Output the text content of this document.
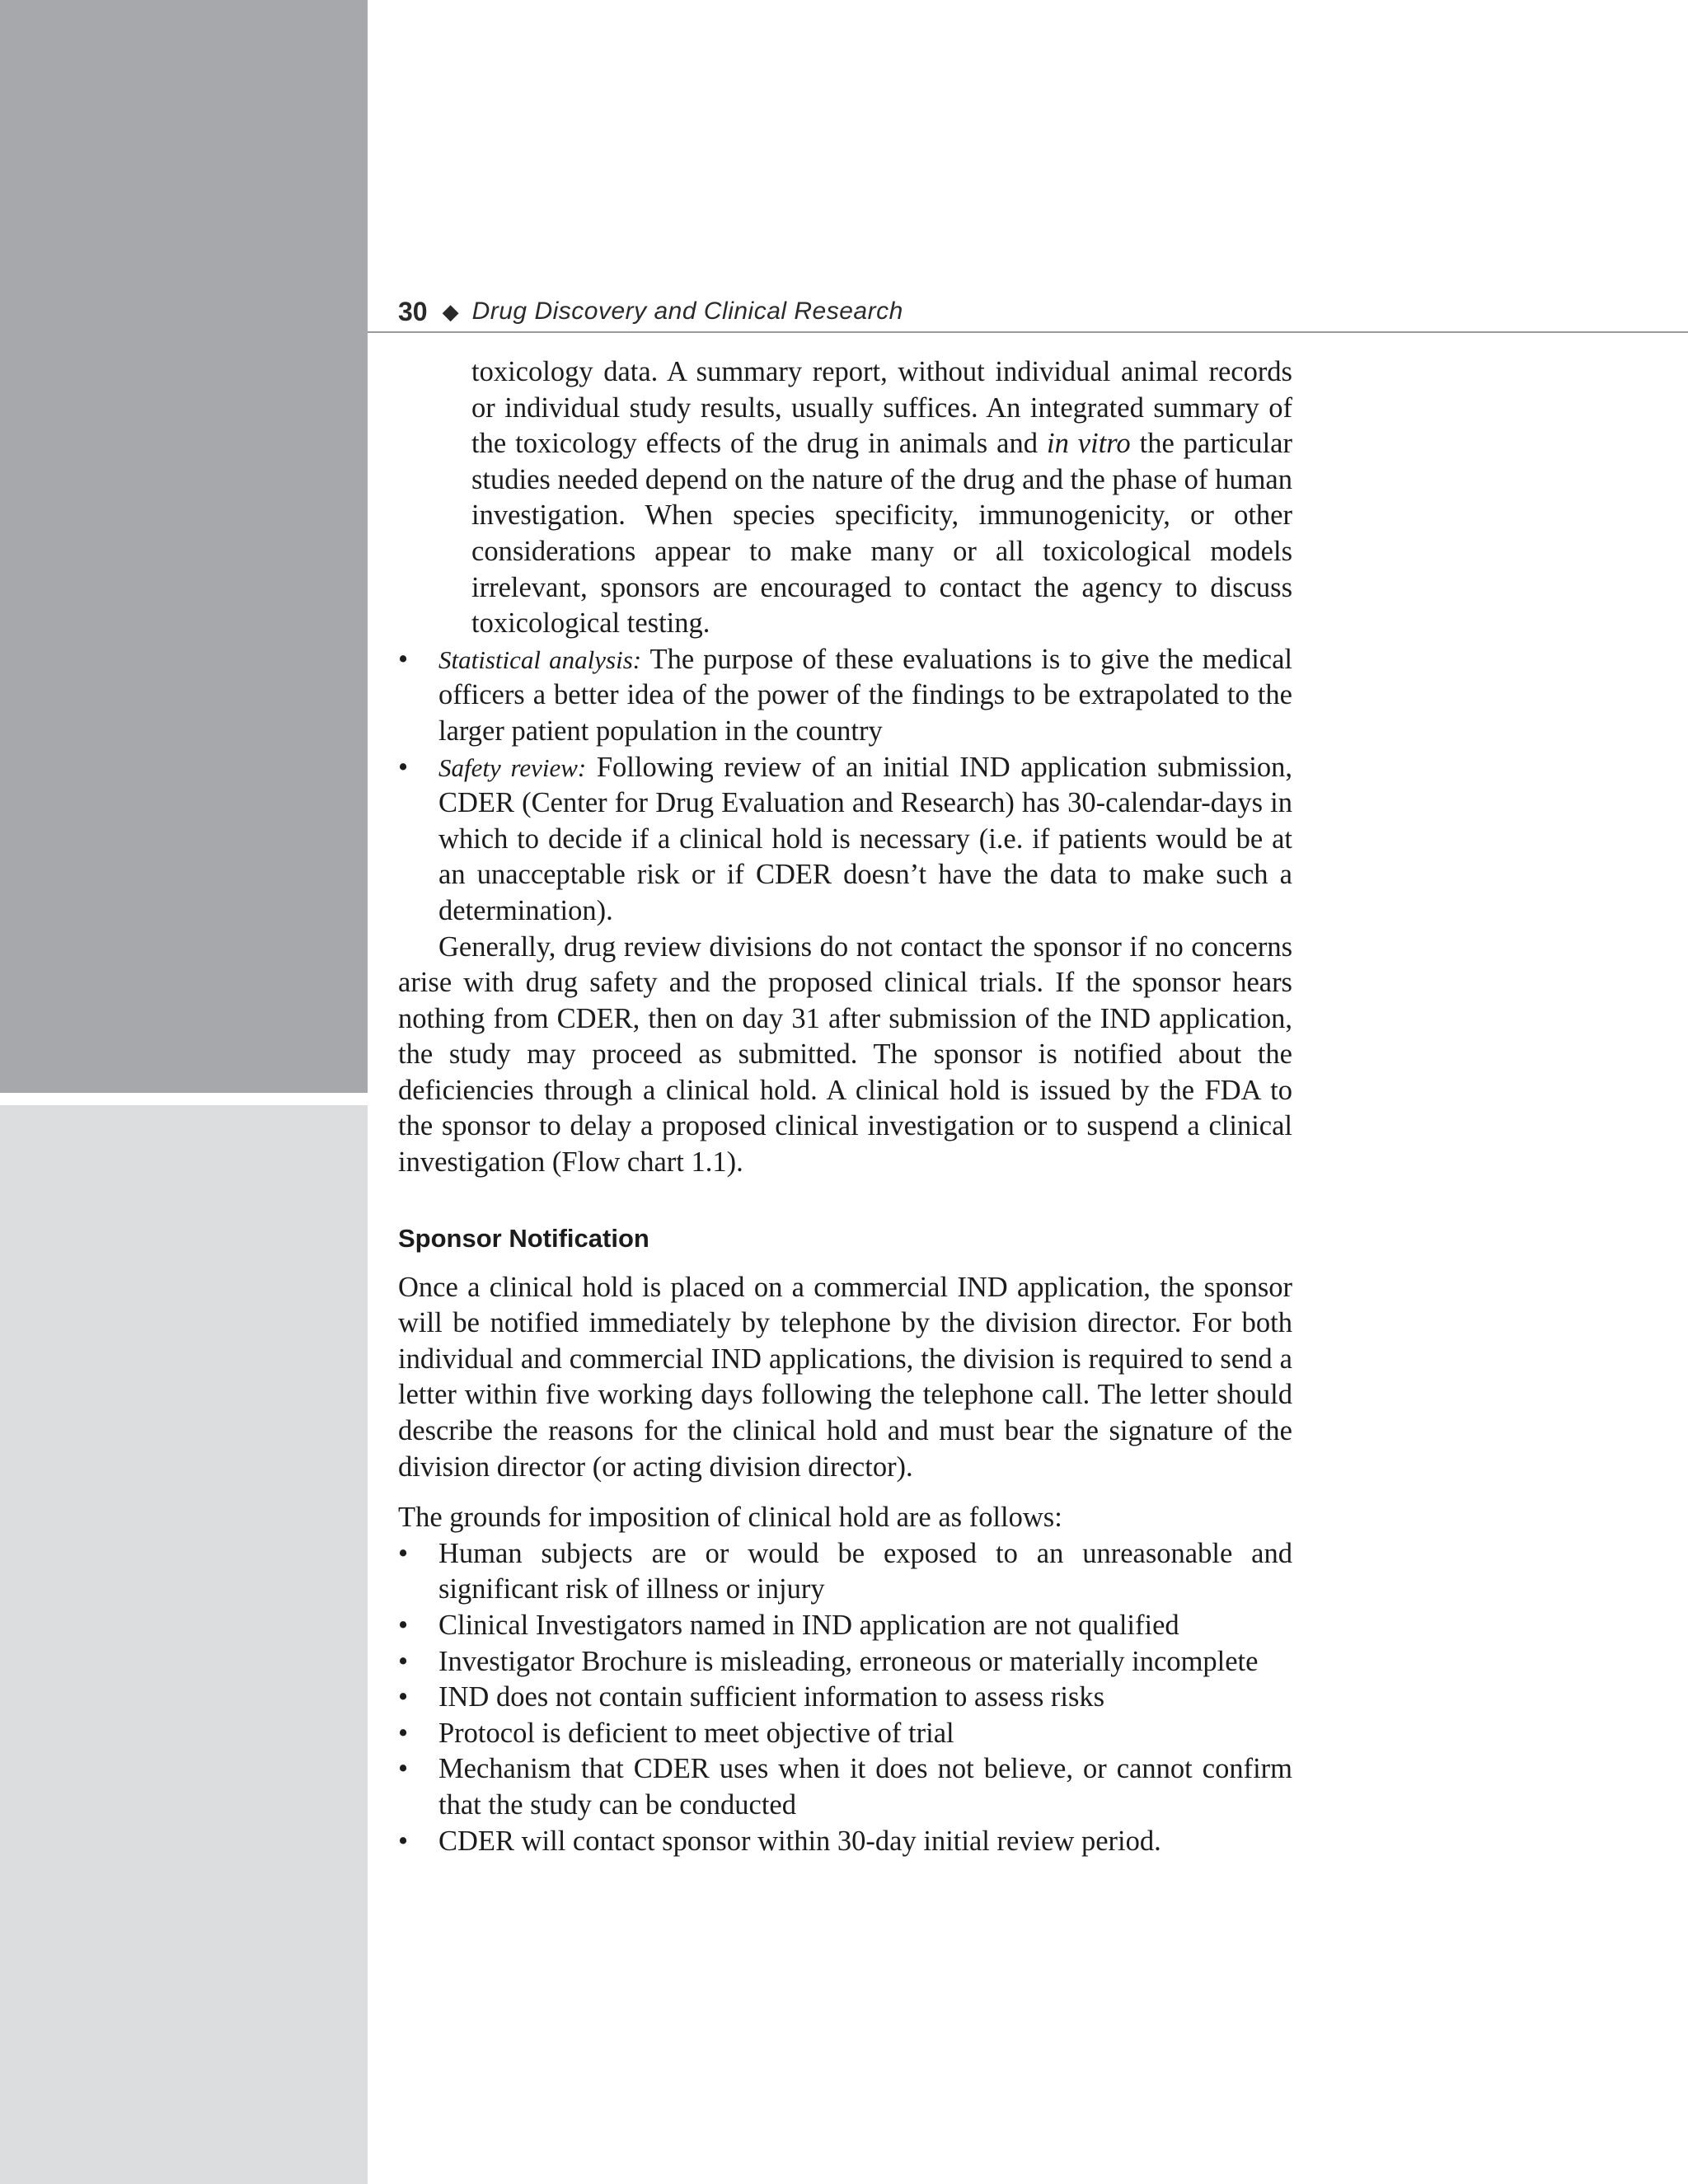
30 ◆ Drug Discovery and Clinical Research

toxicology data. A summary report, without individual animal records or individual study results, usually suffices. An integrated summary of the toxicology effects of the drug in animals and in vitro the particular studies needed depend on the nature of the drug and the phase of human investigation. When species specificity, immunogenicity, or other considerations appear to make many or all toxicological models irrelevant, sponsors are encouraged to contact the agency to discuss toxicological testing.

•	Statistical analysis: The purpose of these evaluations is to give the medical officers a better idea of the power of the findings to be extrapolated to the larger patient population in the country
•	Safety review: Following review of an initial IND application submission, CDER (Center for Drug Evaluation and Research) has 30-calendar-days in which to decide if a clinical hold is necessary (i.e. if patients would be at an unacceptable risk or if CDER doesn’t have the data to make such a determination).

Generally, drug review divisions do not contact the sponsor if no concerns arise with drug safety and the proposed clinical trials. If the sponsor hears nothing from CDER, then on day 31 after submission of the IND application, the study may proceed as submitted. The sponsor is notified about the deficiencies through a clinical hold. A clinical hold is issued by the FDA to the sponsor to delay a proposed clinical investigation or to suspend a clinical investigation (Flow chart 1.1).

Sponsor Notification

Once a clinical hold is placed on a commercial IND application, the sponsor will be notified immediately by telephone by the division director. For both individual and commercial IND applications, the division is required to send a letter within five working days following the telephone call. The letter should describe the reasons for the clinical hold and must bear the signature of the division director (or acting division director).

The grounds for imposition of clinical hold are as follows:

•	Human subjects are or would be exposed to an unreasonable and significant risk of illness or injury
•	Clinical Investigators named in IND application are not qualified
•	Investigator Brochure is misleading, erroneous or materially incomplete
•	IND does not contain sufficient information to assess risks
•	Protocol is deficient to meet objective of trial
•	Mechanism that CDER uses when it does not believe, or cannot confirm that the study can be conducted
•	CDER will contact sponsor within 30-day initial review period.
